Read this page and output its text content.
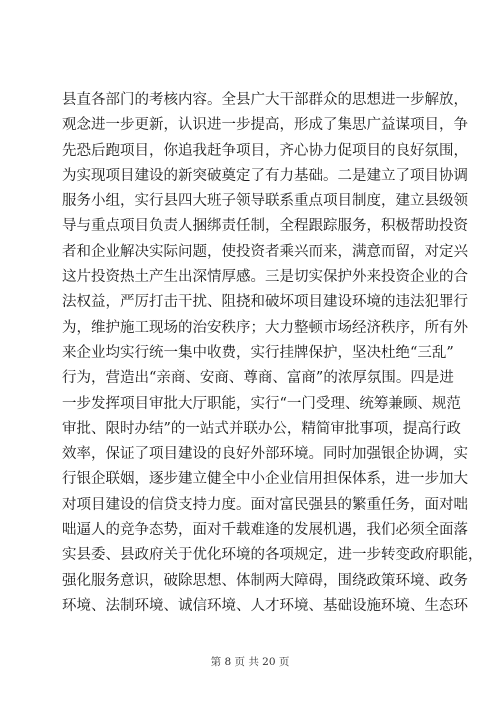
县直各部门的考核内容。全县广大干部群众的思想进一步解放，
观念进一步更新，认识进一步提高，形成了集思广益谋项目，争
先恐后跑项目，你追我赶争项目，齐心协力促项目的良好氛围，
为实现项目建设的新突破奠定了有力基础。二是建立了项目协调
服务小组，实行县四大班子领导联系重点项目制度，建立县级领
导与重点项目负责人捆绑责任制，全程跟踪服务，积极帮助投资
者和企业解决实际问题，使投资者乘兴而来，满意而留，对定兴
这片投资热土产生出深情厚感。三是切实保护外来投资企业的合
法权益，严厉打击干扰、阻挠和破坏项目建设环境的违法犯罪行
为，维护施工现场的治安秩序；大力整顿市场经济秩序，所有外
来企业均实行统一集中收费，实行挂牌保护，坚决杜绝“三乱”
行为，营造出“亲商、安商、尊商、富商”的浓厚氛围。四是进
一步发挥项目审批大厅职能，实行“一门受理、统筹兼顾、规范
审批、限时办结”的一站式并联办公，精简审批事项，提高行政
效率，保证了项目建设的良好外部环境。同时加强银企协调，实
行银企联姻，逐步建立健全中小企业信用担保体系，进一步加大
对项目建设的信贷支持力度。面对富民强县的繁重任务，面对咄
咄逼人的竞争态势，面对千载难逢的发展机遇，我们必须全面落
实县委、县政府关于优化环境的各项规定，进一步转变政府职能，
强化服务意识，破除思想、体制两大障碍，围绕政策环境、政务
环境、法制环境、诚信环境、人才环境、基础设施环境、生态环
第 8 页 共 20 页
